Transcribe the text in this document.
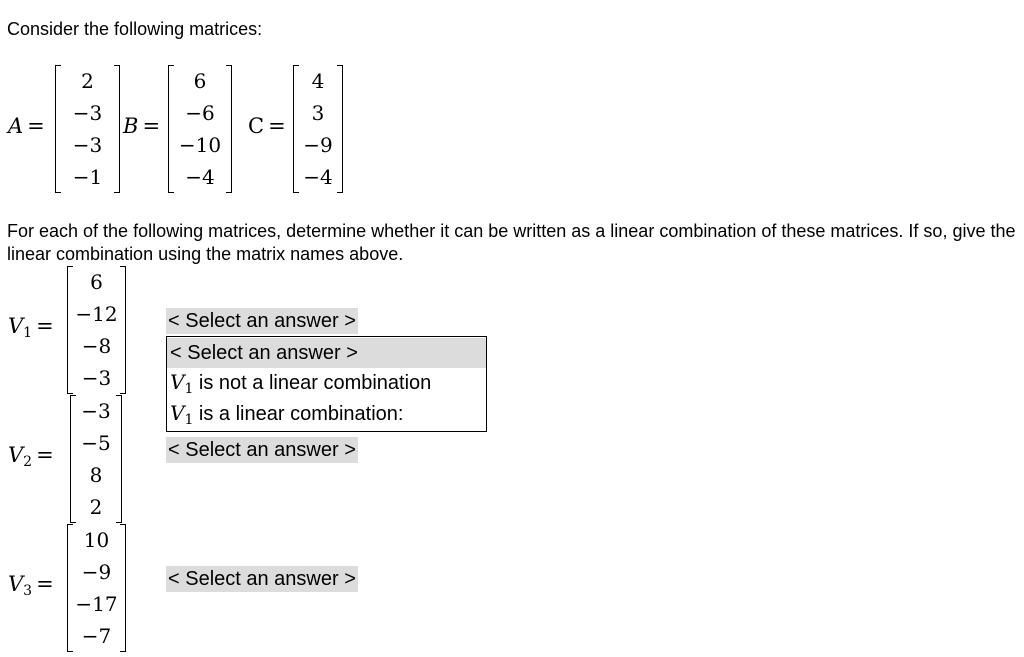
Consider the following matrices:
A =
2
−3
−3
−1
B =
6
−6
−10
−4
C =
4
3
−9
−4
For each of the following matrices, determine whether it can be written as a linear combination of these matrices. If so, give the linear combination using the matrix names above.
$V_1$ =
6
−12
−8
−3
< Select an answer >
< Select an answer >
$V_1$ is not a linear combination
$V_1$ is a linear combination:
$V_2$ =
−3
−5
8
2
< Select an answer >
$V_3$ =
10
−9
−17
−7
< Select an answer >
